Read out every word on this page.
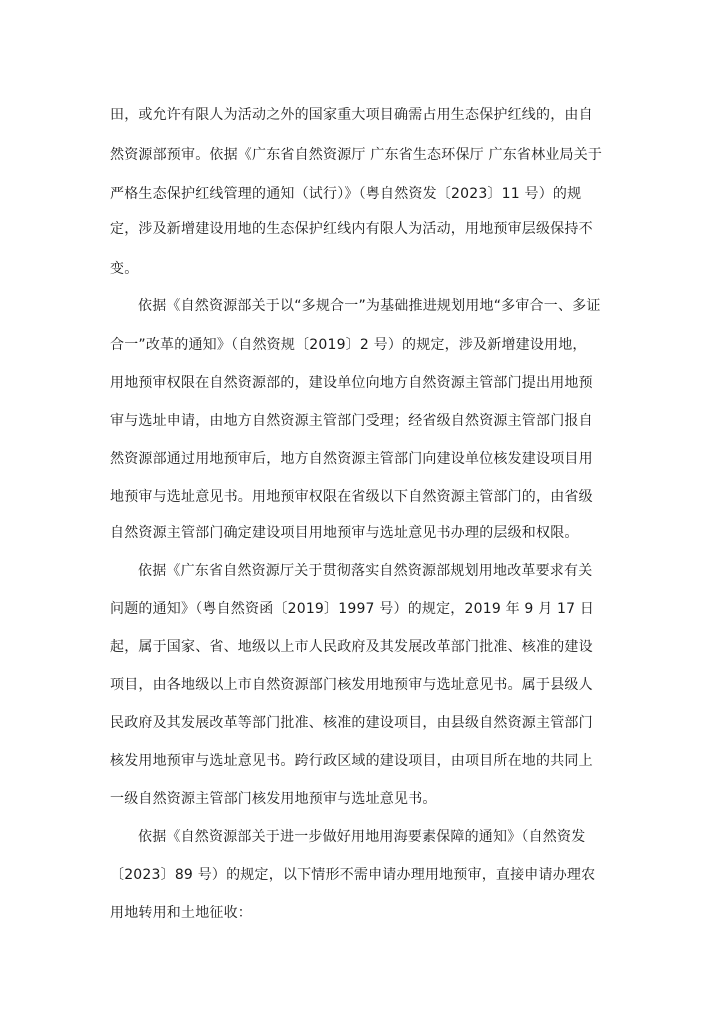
田，或允许有限人为活动之外的国家重大项目确需占用生态保护红线的，由自
然资源部预审。依据《广东省自然资源厅 广东省生态环保厅 广东省林业局关于
严格生态保护红线管理的通知（试行）》（粤自然资发〔2023〕11 号）的规
定，涉及新增建设用地的生态保护红线内有限人为活动，用地预审层级保持不
变。
依据《自然资源部关于以“多规合一”为基础推进规划用地“多审合一、多证
合一”改革的通知》（自然资规〔2019〕2 号）的规定，涉及新增建设用地，
用地预审权限在自然资源部的，建设单位向地方自然资源主管部门提出用地预
审与选址申请，由地方自然资源主管部门受理；经省级自然资源主管部门报自
然资源部通过用地预审后，地方自然资源主管部门向建设单位核发建设项目用
地预审与选址意见书。用地预审权限在省级以下自然资源主管部门的，由省级
自然资源主管部门确定建设项目用地预审与选址意见书办理的层级和权限。
依据《广东省自然资源厅关于贯彻落实自然资源部规划用地改革要求有关
问题的通知》（粤自然资函〔2019〕1997 号）的规定，2019 年 9 月 17 日
起，属于国家、省、地级以上市人民政府及其发展改革部门批准、核准的建设
项目，由各地级以上市自然资源部门核发用地预审与选址意见书。属于县级人
民政府及其发展改革等部门批准、核准的建设项目，由县级自然资源主管部门
核发用地预审与选址意见书。跨行政区域的建设项目，由项目所在地的共同上
一级自然资源主管部门核发用地预审与选址意见书。
依据《自然资源部关于进一步做好用地用海要素保障的通知》（自然资发
〔2023〕89 号）的规定，以下情形不需申请办理用地预审，直接申请办理农
用地转用和土地征收：
